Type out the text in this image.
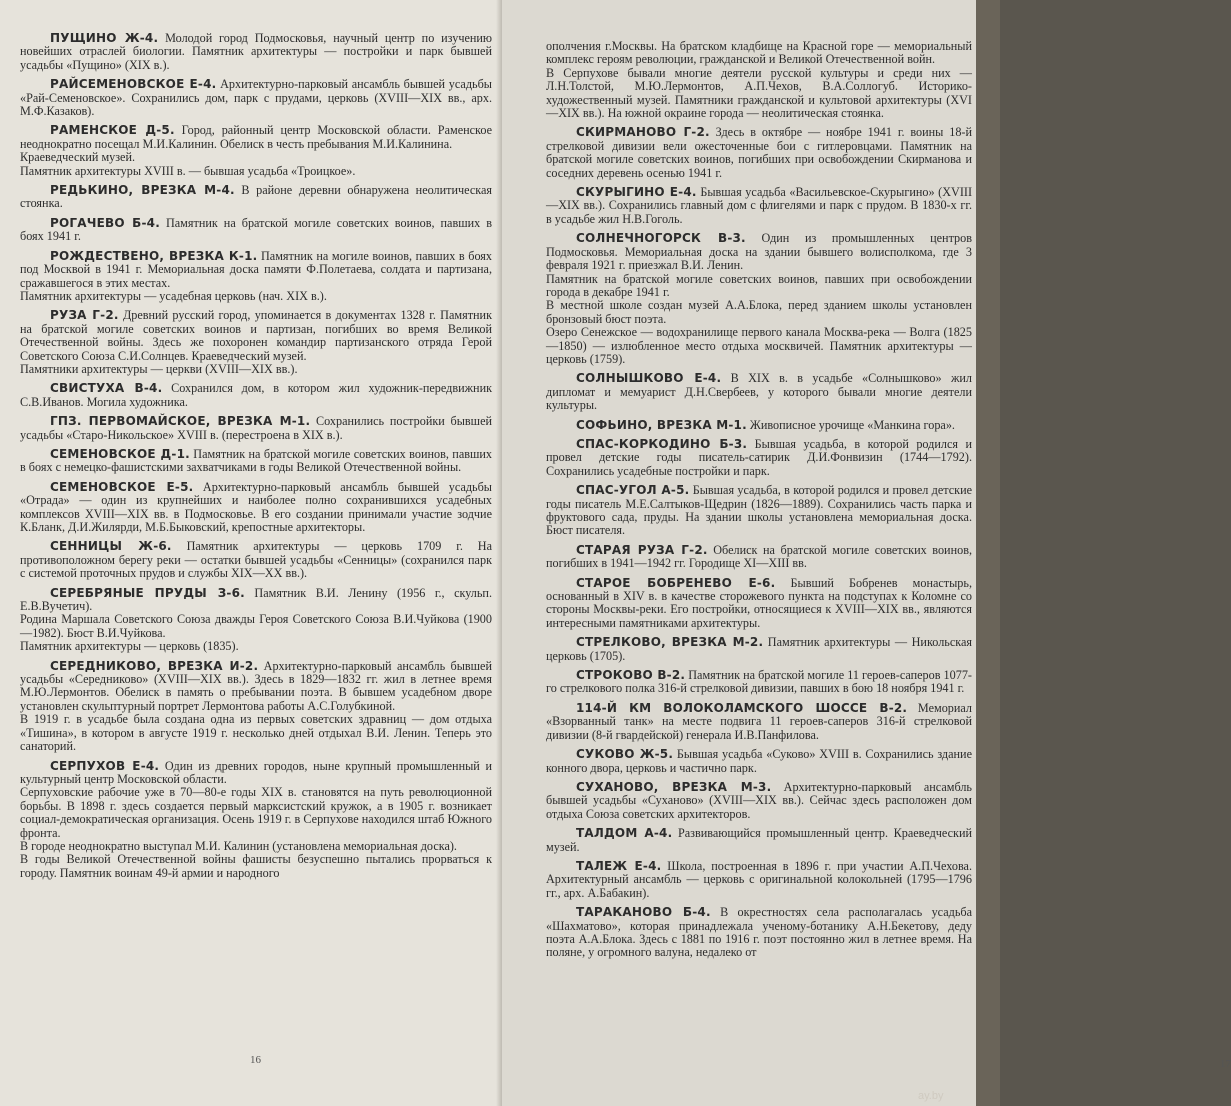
ПУЩИНО Ж-4. Молодой город Подмосковья, научный центр по изучению новейших отраслей биологии. Памятник архитектуры — постройки и парк бывшей усадьбы «Пущино» (XIX в.).

РАЙСЕМЕНОВСКОЕ Е-4. Архитектурно-парковый ансамбль бывшей усадьбы «Рай-Семеновское». Сохранились дом, парк с прудами, церковь (XVIII—XIX вв., арх. М.Ф.Казаков).

РАМЕНСКОЕ Д-5. Город, районный центр Московской области. Раменское неоднократно посещал М.И.Калинин. Обелиск в честь пребывания М.И.Калинина.

Краеведческий музей.

Памятник архитектуры XVIII в. — бывшая усадьба «Троицкое».

РЕДЬКИНО, ВРЕЗКА М-4. В районе деревни обнаружена неолитическая стоянка.

РОГАЧЕВО Б-4. Памятник на братской могиле советских воинов, павших в боях 1941 г.

РОЖДЕСТВЕНО, ВРЕЗКА К-1. Памятник на могиле воинов, павших в боях под Москвой в 1941 г. Мемориальная доска памяти Ф.Полетаева, солдата и партизана, сражавшегося в этих местах.

Памятник архитектуры — усадебная церковь (нач. XIX в.).

РУЗА Г-2. Древний русский город, упоминается в документах 1328 г. Памятник на братской могиле советских воинов и партизан, погибших во время Великой Отечественной войны. Здесь же похоронен командир партизанского отряда Герой Советского Союза С.И.Солнцев. Краеведческий музей.

Памятники архитектуры — церкви (XVIII—XIX вв.).

СВИСТУХА В-4. Сохранился дом, в котором жил художник-передвижник С.В.Иванов. Могила художника.

ГПЗ. ПЕРВОМАЙСКОЕ, ВРЕЗКА М-1. Сохранились постройки бывшей усадьбы «Старо-Никольское» XVIII в. (перестроена в XIX в.).

СЕМЕНОВСКОЕ Д-1. Памятник на братской могиле советских воинов, павших в боях с немецко-фашистскими захватчиками в годы Великой Отечественной войны.

СЕМЕНОВСКОЕ Е-5. Архитектурно-парковый ансамбль бывшей усадьбы «Отрада» — один из крупнейших и наиболее полно сохранившихся усадебных комплексов XVIII—XIX вв. в Подмосковье. В его создании принимали участие зодчие К.Бланк, Д.И.Жилярди, М.Б.Быковский, крепостные архитекторы.

СЕННИЦЫ Ж-6. Памятник архитектуры — церковь 1709 г. На противоположном берегу реки — остатки бывшей усадьбы «Сенницы» (сохранился парк с системой проточных прудов и службы XIX—XX вв.).

СЕРЕБРЯНЫЕ ПРУДЫ З-6. Памятник В.И. Ленину (1956 г., скульп. Е.В.Вучетич).

Родина Маршала Советского Союза дважды Героя Советского Союза В.И.Чуйкова (1900—1982). Бюст В.И.Чуйкова.

Памятник архитектуры — церковь (1835).

СЕРЕДНИКОВО, ВРЕЗКА И-2. Архитектурно-парковый ансамбль бывшей усадьбы «Середниково» (XVIII—XIX вв.). Здесь в 1829—1832 гг. жил в летнее время М.Ю.Лермонтов. Обелиск в память о пребывании поэта. В бывшем усадебном дворе установлен скульптурный портрет Лермонтова работы А.С.Голубкиной.

В 1919 г. в усадьбе была создана одна из первых советских здравниц — дом отдыха «Тишина», в котором в августе 1919 г. несколько дней отдыхал В.И. Ленин. Теперь это санаторий.

СЕРПУХОВ Е-4. Один из древних городов, ныне крупный промышленный и культурный центр Московской области.

Серпуховские рабочие уже в 70—80-е годы XIX в. становятся на путь революционной борьбы. В 1898 г. здесь создается первый марксистский кружок, а в 1905 г. возникает социал-демократическая организация. Осень 1919 г. в Серпухове находился штаб Южного фронта.

В городе неоднократно выступал М.И. Калинин (установлена мемориальная доска).

В годы Великой Отечественной войны фашисты безуспешно пытались прорваться к городу. Памятник воинам 49-й армии и народного

16

ополчения г.Москвы. На братском кладбище на Красной горе — мемориальный комплекс героям революции, гражданской и Великой Отечественной войн.

В Серпухове бывали многие деятели русской культуры и среди них — Л.Н.Толстой, М.Ю.Лермонтов, А.П.Чехов, В.А.Соллогуб. Историко-художественный музей. Памятники гражданской и культовой архитектуры (XVI—XIX вв.). На южной окраине города — неолитическая стоянка.

СКИРМАНОВО Г-2. Здесь в октябре — ноябре 1941 г. воины 18-й стрелковой дивизии вели ожесточенные бои с гитлеровцами. Памятник на братской могиле советских воинов, погибших при освобождении Скирманова и соседних деревень осенью 1941 г.

СКУРЫГИНО Е-4. Бывшая усадьба «Васильевское-Скурыгино» (XVIII—XIX вв.). Сохранились главный дом с флигелями и парк с прудом. В 1830-х гг. в усадьбе жил Н.В.Гоголь.

СОЛНЕЧНОГОРСК В-3. Один из промышленных центров Подмосковья. Мемориальная доска на здании бывшего волисполкома, где 3 февраля 1921 г. приезжал В.И. Ленин.

Памятник на братской могиле советских воинов, павших при освобождении города в декабре 1941 г.

В местной школе создан музей А.А.Блока, перед зданием школы установлен бронзовый бюст поэта.

Озеро Сенежское — водохранилище первого канала Москва-река — Волга (1825—1850) — излюбленное место отдыха москвичей. Памятник архитектуры — церковь (1759).

СОЛНЫШКОВО Е-4. В XIX в. в усадьбе «Солнышково» жил дипломат и мемуарист Д.Н.Свербеев, у которого бывали многие деятели культуры.

СОФЬИНО, ВРЕЗКА М-1. Живописное урочище «Манкина гора».

СПАС-КОРКОДИНО Б-3. Бывшая усадьба, в которой родился и провел детские годы писатель-сатирик Д.И.Фонвизин (1744—1792). Сохранились усадебные постройки и парк.

СПАС-УГОЛ А-5. Бывшая усадьба, в которой родился и провел детские годы писатель М.Е.Салтыков-Щедрин (1826—1889). Сохранились часть парка и фруктового сада, пруды. На здании школы установлена мемориальная доска. Бюст писателя.

СТАРАЯ РУЗА Г-2. Обелиск на братской могиле советских воинов, погибших в 1941—1942 гг. Городище XI—XIII вв.

СТАРОЕ БОБРЕНЕВО Е-6. Бывший Бобренев монастырь, основанный в XIV в. в качестве сторожевого пункта на подступах к Коломне со стороны Москвы-реки. Его постройки, относящиеся к XVIII—XIX вв., являются интересными памятниками архитектуры.

СТРЕЛКОВО, ВРЕЗКА М-2. Памятник архитектуры — Никольская церковь (1705).

СТРОКОВО В-2. Памятник на братской могиле 11 героев-саперов 1077-го стрелкового полка 316-й стрелковой дивизии, павших в бою 18 ноября 1941 г.

114-Й КМ ВОЛОКОЛАМСКОГО ШОССЕ В-2. Мемориал «Взорванный танк» на месте подвига 11 героев-саперов 316-й стрелковой дивизии (8-й гвардейской) генерала И.В.Панфилова.

СУКОВО Ж-5. Бывшая усадьба «Суково» XVIII в. Сохранились здание конного двора, церковь и частично парк.

СУХАНОВО, ВРЕЗКА М-3. Архитектурно-парковый ансамбль бывшей усадьбы «Суханово» (XVIII—XIX вв.). Сейчас здесь расположен дом отдыха Союза советских архитекторов.

ТАЛДОМ А-4. Развивающийся промышленный центр. Краеведческий музей.

ТАЛЕЖ Е-4. Школа, построенная в 1896 г. при участии А.П.Чехова. Архитектурный ансамбль — церковь с оригинальной колокольней (1795—1796 гг., арх. А.Бабакин).

ТАРАКАНОВО Б-4. В окрестностях села располагалась усадьба «Шахматово», которая принадлежала ученому-ботанику А.Н.Бекетову, деду поэта А.А.Блока. Здесь с 1881 по 1916 г. поэт постоянно жил в летнее время. На поляне, у огромного валуна, недалеко от

17
ay.by
